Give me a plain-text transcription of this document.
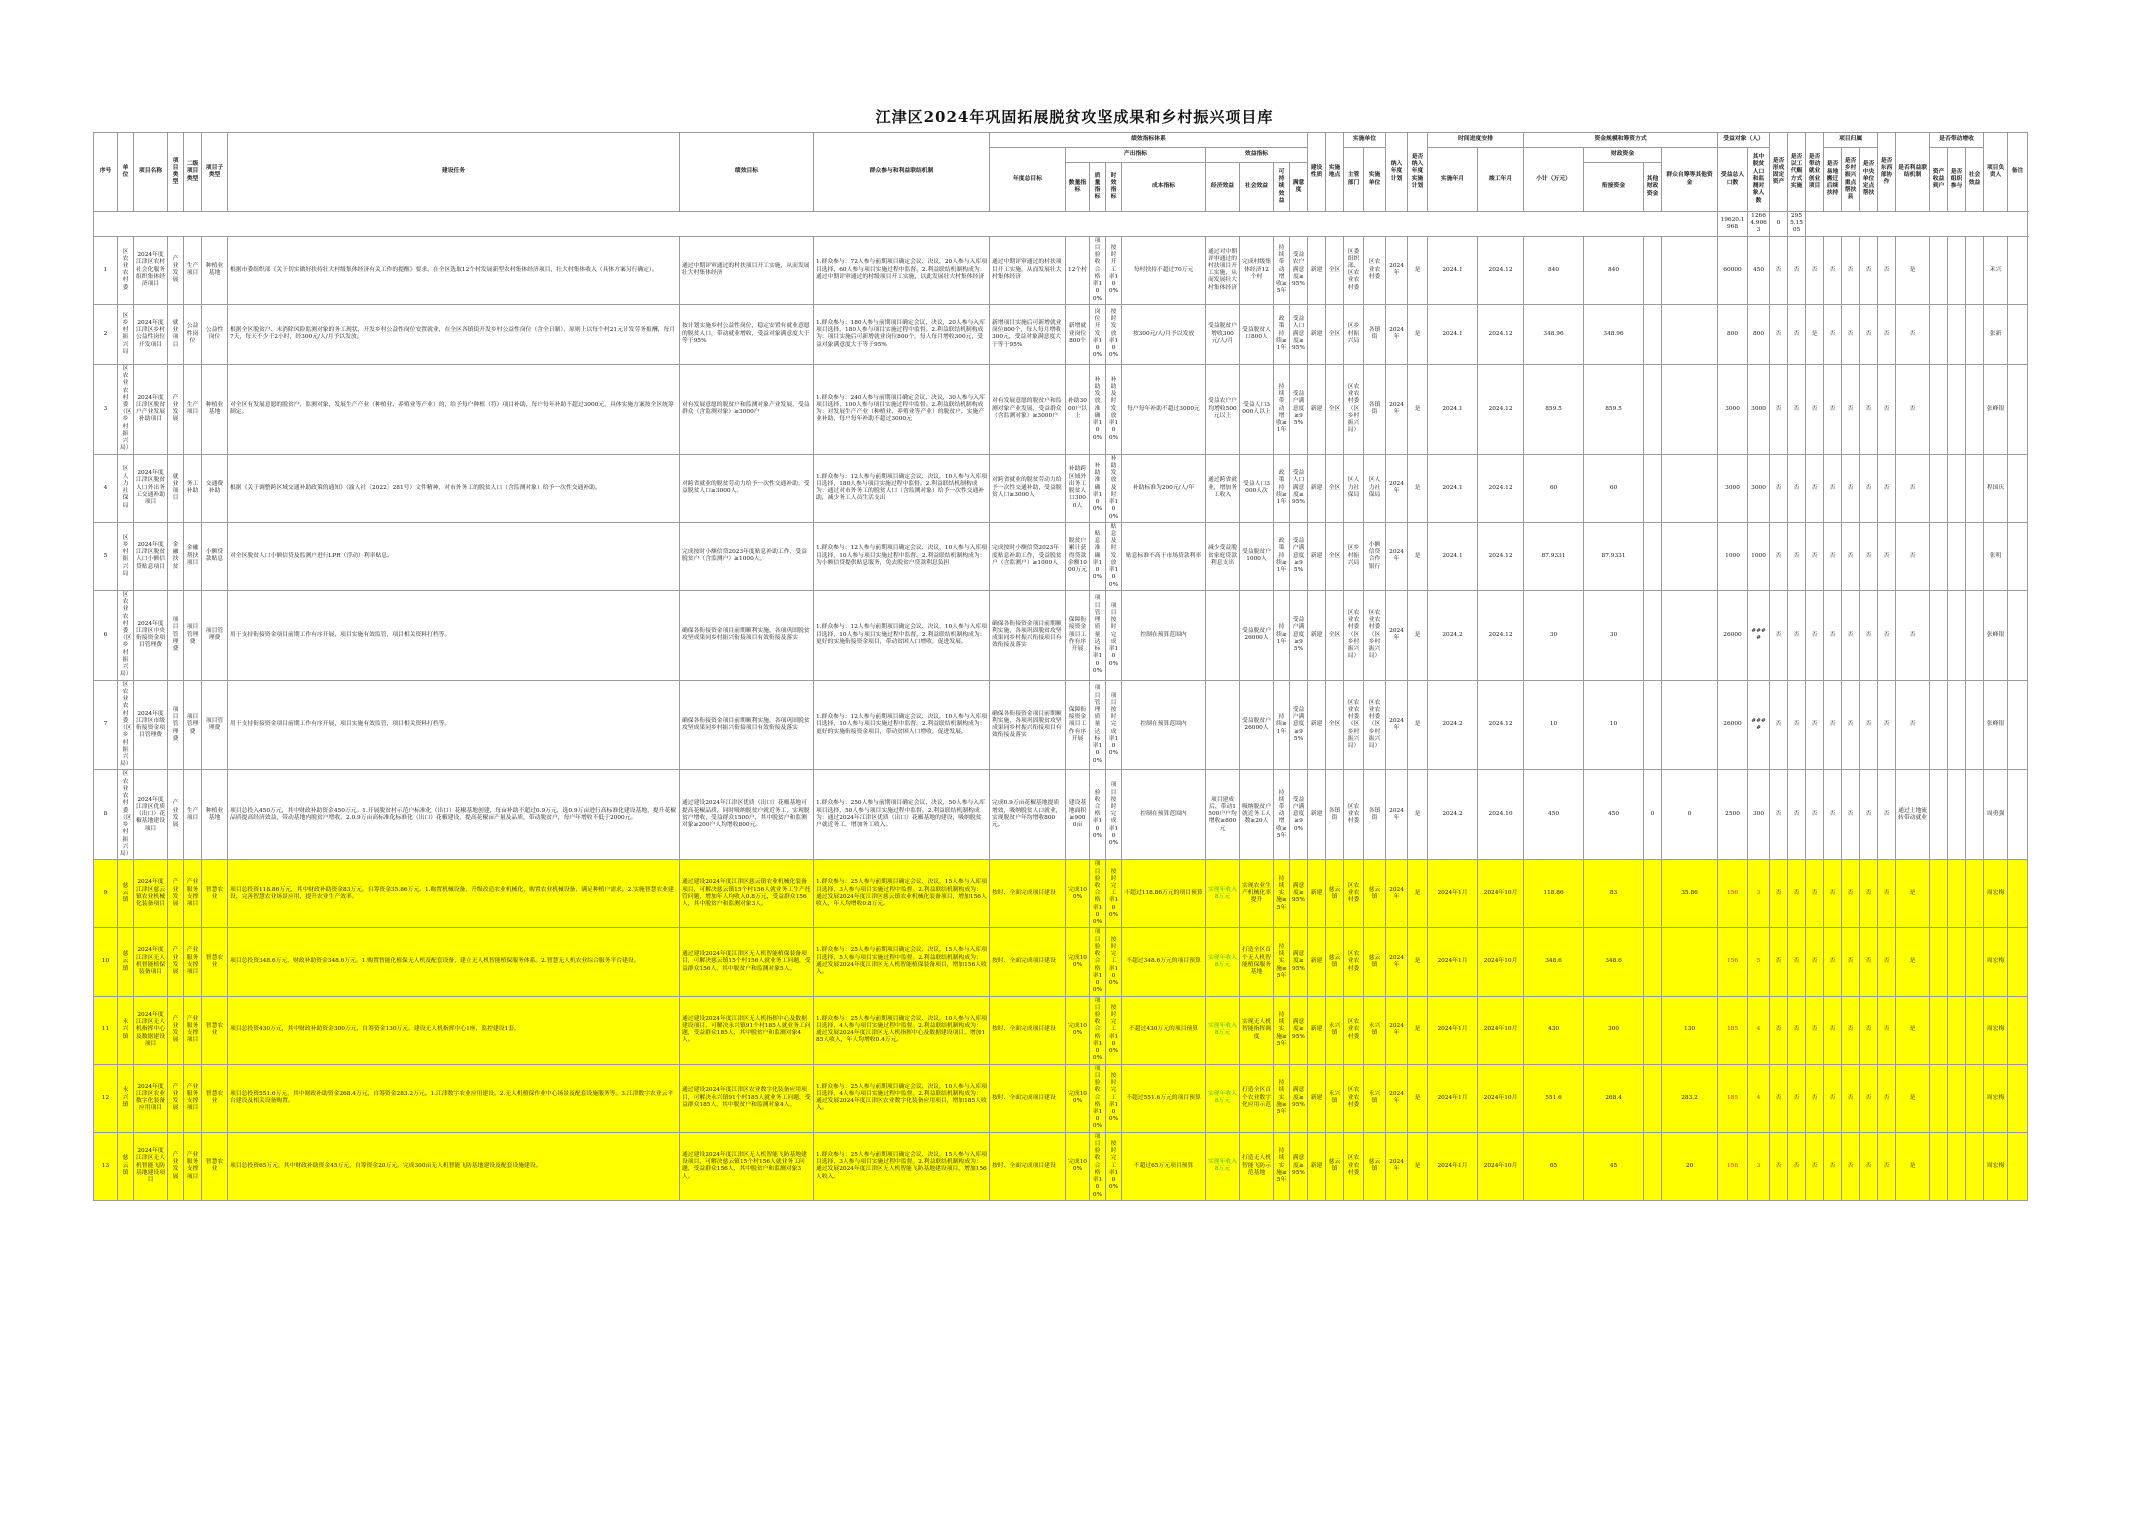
江津区2024年巩固拓展脱贫攻坚成果和乡村振兴项目库
序号	单位	项目名称	项目类型	二级项目类型	项目子类型	建设任务	绩效目标	群众参与和利益联结机制	绩效指标体系									建设性质	实施地点	实施单位		纳入年度计划	是否纳入年度实施计划	时间进度安排		资金规模和筹资方式				受益对象（人）		是否形成固定资产	是否以工代赈方式实施	是否带动就业创业项目	项目归属			是否东西部协作	是否利益联结机制	是否带动增收			项目负责人	备注
									年度总目标	产出指标				效益指标						主管部门	实施单位			实施年月	竣工年月	小计（万元）	财政资金		群众自筹等其他资金	受益总人口数	其中脱贫人口和监测对象人数				是否易地搬迁后续扶持	是否乡村振兴重点帮扶县	是否中央单位定点帮扶			资产收益到户	是否组织参与	社会效益		
										数量指标	质量指标	时效指标	成本指标	经济效益	社会效益	可持续效益	满意度										衔接资金	其他财政资金																
																														19620.1968	12664.9063	0	2955.1505											
1	区农业农村委	2024年度江津区农村社会化服务组织集体经济项目	产业发展	生产项目	种植业基地	根据市委组织部《关于切实做好扶持壮大村级集体经济有关工作的提醒》要求，在全区选取12个村发展新型农村集体经济项目，壮大村集体收入（具体方案另行确定）。	通过中期评审通过的村扶项目开工实施，从而发展壮大村集体经济	1.群众参与：72人参与前期项目确定会议、决议，20人参与入库项目选择，60人参与项目实施过程中监督。2.利益联结机制构成为：通过中期评审通过的村级项目开工实施，以此发展壮大村集体经济	通过中期评审通过的村扶项目开工实施，从而发展壮大村集体经济	12个村	项目验收合格率100%	按时开工率100%	每村扶持不超过70万元	通过对中期评审通过的村扶项目开工实施，从而发展壮大村集体经济	完成村级集体经济12个村	持续带动增收≥5年	受益农户满意度≥95%	新建	全区	区委组织部、区农业农村委	区农业农村委	2024年	是	2024.1	2024.12	840	840			60000	450	否	否	否	否	否	否	否	是				禾兴	
2	区乡村振兴局	2024年度江津区乡村公益性岗位开发项目	就业项目	公益性岗位	公益性岗位	根据全区脱贫户、未消除风险监测对象的务工现状，开发乡村公益性岗位安置就业，在全区各镇街开发乡村公益性岗位（含全日制），原则上以每个村21元计发劳务报酬，每月7天，每天不少于2小时，经300元/人/月予以发放。	按计划实施乡村公益性岗位，稳定安置有就业意愿的脱贫人口，带动就业增收，受益对象满意度大于等于95%	1.群众参与：180人参与前期项目确定会议、决议，20人参与入库项目选择，180人参与项目实施过程中监督。2.利益联结机制构成为：项目实施后可新增就业岗位800个，每人每月增收300元，受益对象满意度大于等于95%	新增项目实施后可新增就业岗位800个，每人每月增收300元，受益对象满意度大于等于95%	新增就业岗位800个	岗位开发率100%	按时发放率100%	按300元/人/月予以发放	受益脱贫户增收300元/人/月	受益脱贫人口800人	政策持续≥1年	受益人口满意度≥95%	新建	全区	区乡村振兴局	各镇街	2024年	是	2024.1	2024.12	348.96	348.96			800	800	否	否	是	否	否	否	否	否				张新	
3	区农业农村委（区乡村振兴局）	2024年度江津区脱贫户产业发展补助项目	产业发展	生产项目	种植业基地	对全区有发展意愿的脱贫户，监测对象，发展生产产业（种植业、养殖业等产业）的，给予每户种植（符）项目补助，每户每年补助不超过3000元，具体实施方案按全区统筹制定。	对有发展意愿的脱贫户和监测对象产业发展，受益群众（含监测对象）≥3000户	1.群众参与：240人参与前期项目确定会议、决议，30人参与入库项目选择，100人参与项目实施过程中监督。2.利益联结机制构成为：对发展生产产业（种植业、养殖业等产业）的脱贫户，实施产业补助，每户每年补助不超过3000元	对有发展意愿的脱贫户和监测对象产业发展，受益群众（含监测对象）≥3000户	补助3000户以上	补助发放准确率100%	补助及时发放率100%	每户每年补助不超过3000元	受益农户户均增收500元以上	受益人口3000人以上	持续带动增收≥1年	受益户满意度≥95%	新建	全区	区农业农村委（区乡村振兴局）	各镇街	2024年	是	2024.1	2024.12	859.5	859.5			3000	3000	否	否	否	否	否	否	否	否				张峰银	
4	区人力社保局	2024年度江津区脱贫人口外出务工交通补助项目	就业项目	务工补助	交通费补助	根据《关于调整跨区域交通补助政策的通知》（渝人社〔2022〕281号）文件精神，对市外务工的脱贫人口（含监测对象）给予一次性交通补助。	对跨省就业的脱贫劳动力给予一次性交通补助，受益脱贫人口≥3000人。	1.群众参与：12人参与前期项目确定会议、决议，10人参与入库项目选择，180人参与项目实施过程中监督。2.利益联结机制构成为：通过对市外务工的脱贫人口（含监测对象）给予一次性交通补助，减少务工人员生活支出	对跨省就业的脱贫劳动力给予一次性交通补助，受益脱贫人口≥3000人	补助跨区域外出务工脱贫人口3000人	补助准确率100%	补助发放及时率100%	补助标准为200元/人/年	通过跨省就业，增加务工收入	受益人口3000人次	政策持续≥1年	受益人口满意度≥95%	新建	全区	区人力社保局	区人力社保局	2024年	是	2024.1	2024.12	60	60			3000	3000	否	否	否	否	否	否	否	否				程国庆	
5	区乡村振兴局	2024年度江津区脱贫人口小额信贷贴息项目	金融扶贫	金融帮扶项目	小额贷款贴息	对全区脱贫人口小额信贷及监测户进行LPR（浮动）利率贴息。	完成按时小额信贷2023年度贴息补助工作，受益脱贫户（含监测户）≥1000人。	1.群众参与：12人参与前期项目确定会议、决议，10人参与入库项目选择，10人参与项目实施过程中监督。2.利益联结机制构成为：为小额信贷提供贴息服务，免去脱贫户贷款利息负担	完成按时小额信贷2023年度贴息补助工作，受益脱贫户（含监测户）≥1000人	脱贫户累计获得贷款金额1000万元	贴息准确率100%	贴息及时发放率100%	贴息标准不高于市场贷款利率	减少受益脱贫家庭贷款利息支出	受益脱贫户1000人	政策持续≥1年	受益户满意度≥95%	新建	全区	区乡村振兴局	小额信贷合作银行	2024年	是	2024.1	2024.12	87.9331	87.9331			1000	1000	否	否	否	否	否	否	否	否				张明	
6	区农业农村委（区乡村振兴局）	2024年度江津区中央衔接资金项目管理费	项目管理费	项目管理费	项目管理费	用于支持衔接资金项目前期工作有序开展，项目实施有效监管，项目相关资料打档等。	确保各衔接资金项目前期顺利实施，各项巩固脱贫攻坚成果同乡村振兴衔接项目有效衔接及落实	1.群众参与：12人参与前期项目确定会议、决议，10人参与入库项目选择，10人参与项目实施过程中监督。2.利益联结机制构成为：更好的实施衔接资金项目，带动贫困人口增收，促进发展。	确保各衔接资金项目前期顺利实施，各项巩固脱贫攻坚成果同乡村振兴衔接项目有效衔接及落实	保障衔接资金项目工作有序开展	项目管理质量达标率100%	项目按时完成率100%	控制在预算范围内		受益脱贫户26000人	持续≥1年	受益户满意度≥95%	新建	全区	区农业农村委（区乡村振兴局）	区农业农村委（区乡村振兴局）	2024年	是	2024.2	2024.12	30	30			26000	####	否	否	否	否	否	否	否	否				张峰银	
7	区农业农村委（区乡村振兴局）	2024年度江津区市级衔接资金项目管理费	项目管理费	项目管理费	项目管理费	用于支持衔接资金项目前期工作有序开展，项目实施有效监管，项目相关资料打档等。	确保各衔接资金项目前期顺利实施，各项巩固脱贫攻坚成果同乡村振兴衔接项目有效衔接及落实	1.群众参与：12人参与前期项目确定会议、决议，10人参与入库项目选择，10人参与项目实施过程中监督。2.利益联结机制构成为：更好的实施衔接资金项目，带动贫困人口增收，促进发展。	确保各衔接资金项目前期顺利实施，各项巩固脱贫攻坚成果同乡村振兴衔接项目有效衔接及落实	保障衔接资金项目工作有序开展	项目管理质量达标率100%	项目按时完成率100%	控制在预算范围内		受益脱贫户26000人	持续≥1年	受益户满意度≥95%	新建	全区	区农业农村委（区乡村振兴局）	区农业农村委（区乡村振兴局）	2024年	是	2024.2	2024.12	10	10			26000	####	否	否	否	否	否	否	否	否				张峰银	
8	区农业农村委（区乡村振兴局）	2024年度江津区优质（出口）花椒基地建设项目	产业发展	生产项目	种植业基地	项目总投入450万元，其中财政补助资金450万元。1.开展脱贫村示范户标准化（出口）花椒基地创建，每亩补助不超过0.9万元，选0.9万亩进行高标准化建设基地，提升花椒品质提高经济效益，带动基地内脱贫户增收。2.0.9万亩高标准化标准化（出口）花椒建设，提高花椒亩产量及品质，带动脱贫户，每户年增收不低于2000元。	通过建设2024年江津区优质（出口）花椒基地可提高花椒品质，同时吸纳脱贫户就近务工，实现脱贫户增收，受益群众1500户，其中脱贫户和监测对象≥200户人均增收800元。	1.群众参与：250人参与前期项目确定会议、决议，50人参与入库项目选择，50人参与项目实施过程中监督。2.利益联结机制构成为：通过2024年江津区优质（出口）花椒基地的建设，吸纳脱贫户就近务工，增加务工收入。	完成0.9万亩花椒基地提质增效，吸纳脱贫人口就业，实现脱贫户年均增收800元。	建设基地面积≥9000亩	验收合格率100%	项目按时完成率100%	控制在预算范围内	项目建成后，带动1500户户均增收≥800元	吸纳脱贫户就近务工人数≥20人	持续带动增收≥5年	受益户满意度≥90%	新建	各镇街	区农业农村委	各镇街	2024年	是	2024.2	2024.10	450	450	0	0	2500	300	否	否	否	否	否	否	否	通过土地流转带动就业				周勇强	
9	慈云镇	2024年度江津区慈云镇农业机械化装备项目	产业发展	产业服务支撑项目	智慧农业	项目总投资118.86万元，其中财政补助资金83万元，自筹资金35.86万元。1.购置机械设备，升级改造农业机械化，购置农业机械设备，满足种植户需求。2.实施智慧农业建设，完善智慧农业场景应用，提升农业生产效率。	通过建设2024年度江津区慈云镇农业机械化装备项目，可解决慈云镇15个村156人就业务工生产托管问题，增加年人均收入0.8万元，受益群众156人，其中脱贫户和监测对象3人。	1.群众参与：25人参与前期项目确定会议、决议，15人参与入库项目选择，3人参与项目实施过程中监督。2.利益联结机制构成为：通过发展2024年度江津区慈云镇农业机械化装备项目，增加156人收入，年人均增收0.8万元。	按时、全面完成项目建设	完成100%	项目验收合格率100%	按时完工率100%	不超过118.86万元的项目预算	实现年收入8万元	实现农业生产机械化率提升	持续实施≥5年	满意度≥95%	新建	慈云镇	区农业农村委	慈云镇	2024年	是	2024年1月	2024年10月	118.86	83		35.86	156	3	否	否	否	否	否	否	否	是				周宏梅	
10	慈云镇	2024年度江津区无人机智能植保装备项目	产业发展	产业服务支撑项目	智慧农业	项目总投资348.6万元，财政补助资金348.6万元。1.购置智能化植保无人机及配套设备，建立无人机智能植保服务体系。2.智慧无人机农业综合服务平台建设。	通过建设2024年度江津区无人机智能植保装备项目，可解决慈云镇15个村156人就业务工问题，受益群众156人，其中脱贫户和监测对象5人。	1.群众参与：25人参与前期项目确定会议、决议，15人参与入库项目选择，5人参与项目实施过程中监督。2.利益联结机制构成为：通过发展2024年度江津区无人机智能植保装备项目，增加156人收入。	按时、全面完成项目建设	完成100%	项目验收合格率100%	按时完工率100%	不超过348.6万元的项目预算	实现年收入8万元	打造全区首个无人机智能植保服务基地	持续实施≥5年	满意度≥95%	新建	慈云镇	区农业农村委	慈云镇	2024年	是	2024年1月	2024年10月	348.6	348.6			156	5	否	否	否	否	否	否	否	是				周宏梅	
11	永兴镇	2024年度江津区无人机指挥中心及数据建设项目	产业发展	产业服务支撑项目	智慧农业	项目总投资430万元，其中财政补助资金300万元，自筹资金130万元。建设无人机指挥中心1座，监控建设1套。	通过建设2024年度江津区无人机指挥中心及数据建设项目，可解决永兴镇91个村185人就业务工问题，受益群众185人，其中脱贫户和监测对象4人。	1.群众参与：25人参与前期项目确定会议、决议，10人参与入库项目选择，4人参与项目实施过程中监督。2.利益联结机制构成为：通过发展2024年度江津区无人机指挥中心及数据建设项目，增加185人收入，年人均增收0.4万元。	按时、全面完成项目建设	完成100%	项目验收合格率100%	按时完工率100%	不超过430万元的项目预算	实现年收入8万元	实现无人机智能指挥调度	持续实施≥5年	满意度≥95%	新建	永兴镇	区农业农村委	永兴镇	2024年	是	2024年1月	2024年10月	430	300		130	185	4	否	否	否	否	否	否	否	是				周宏梅	
12	永兴镇	2024年度江津区农业数字化装备应用项目	产业发展	产业服务支撑项目	智慧农业	项目总投资551.6万元，其中财政补助资金268.4万元，自筹资金283.2万元。1.江津数字农业应用建设。2.无人机植保作业中心场景及配套设施服务等。3.江津数字农业云平台建设及相关设备购置。	通过建设2024年度江津区农业数字化装备应用项目，可解决永兴镇91个村185人就业务工问题，受益群众185人，其中脱贫户和监测对象4人。	1.群众参与：25人参与前期项目确定会议、决议，10人参与入库项目选择，4人参与项目实施过程中监督。2.利益联结机制构成为：通过发展2024年度江津区农业数字化装备应用项目，增加185人收入。	按时、全面完成项目建设	完成100%	项目验收合格率100%	按时完工率100%	不超过551.6万元的项目预算	实现年收入8万元	打造全区首个农业数字化应用示范	持续实施≥5年	满意度≥95%	新建	永兴镇	区农业农村委	永兴镇	2024年	是	2024年1月	2024年10月	551.6	268.4		283.2	185	4	否	否	否	否	否	否	否	是				周宏梅	
13	慈云镇	2024年度江津区无人机智能飞防基地建设项目	产业发展	产业服务支撑项目	智慧农业	项目总投资65万元，其中财政补助资金45万元，自筹资金20万元。完成300亩无人机智能飞防基地建设及配套设施建设。	通过建设2024年度江津区无人机智能飞防基地建设项目，可解决慈云镇15个村156人就业务工问题，受益群众156人，其中脱贫户和监测对象3人。	1.群众参与：25人参与前期项目确定会议、决议，15人参与入库项目选择，3人参与项目实施过程中监督。2.利益联结机制构成为：通过发展2024年度江津区无人机智能飞防基地建设项目，增加156人收入。	按时、全面完成项目建设	完成100%	项目验收合格率100%	按时完工率100%	不超过65万元项目预算	实现年收入8万元	打造无人机智能飞防示范基地	持续实施≥5年	满意度≥95%	新建	慈云镇	区农业农村委	慈云镇	2024年	是	2024年1月	2024年10月	65	45		20	156	3	否	否	否	否	否	否	否	是				周宏梅	
